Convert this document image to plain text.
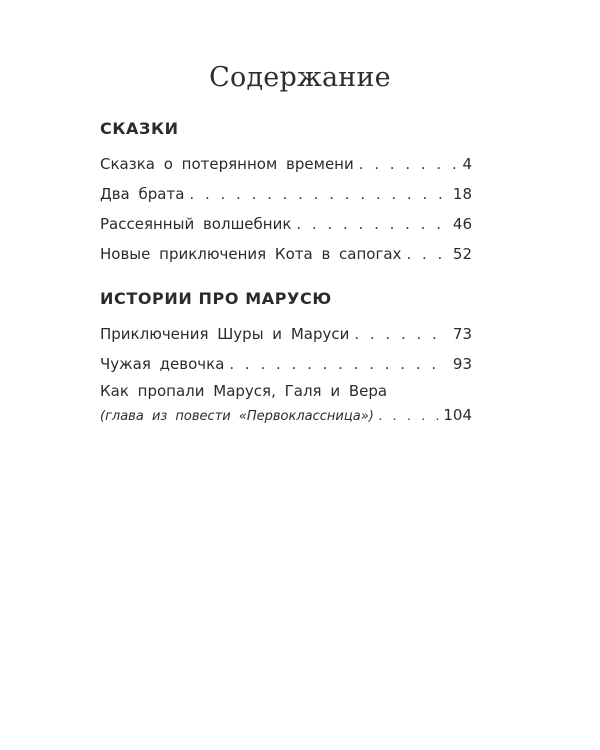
Содержание
СКАЗКИ
Сказка о потерянном времени . . .	4
Два брата . . .	18
Рассеянный волшебник . . .	46
Новые приключения Кота в сапогах . . .	52
ИСТОРИИ ПРО МАРУСЮ
Приключения Шуры и Маруси . . .	73
Чужая девочка . . .	93
Как пропали Маруся, Галя и Вера
(глава из повести «Первоклассница») . . .	104
